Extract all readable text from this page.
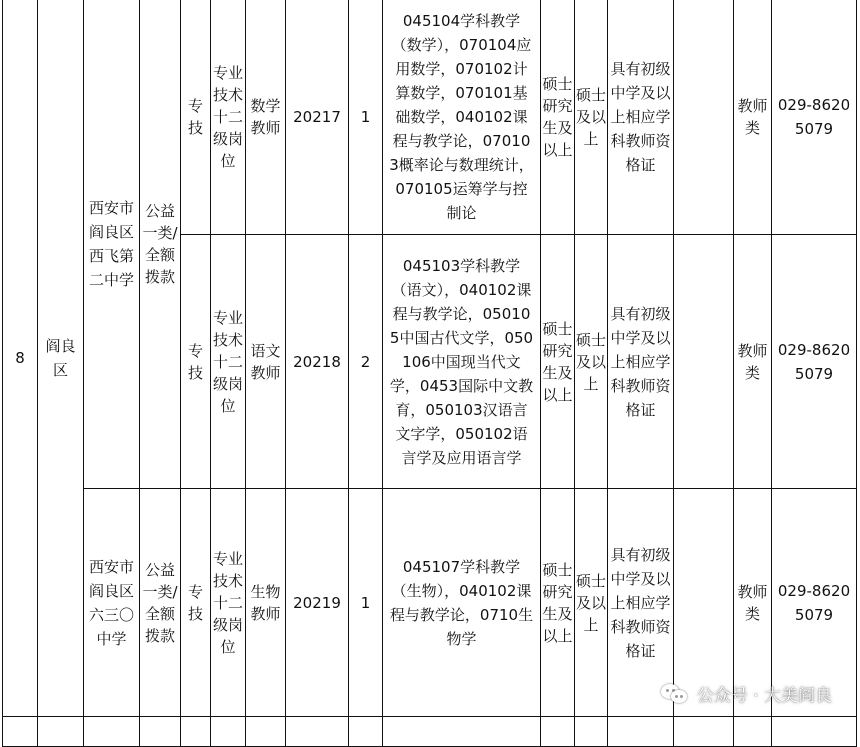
8	阎良区	西安市阎良区西飞第二中学	公益一类/全额拨款	专技	专业技术十二级岗位	数学教师	20217	1	045104学科教学（数学），070104应用数学，070102计算数学，070101基础数学，040102课程与教学论，070103概率论与数理统计，070105运筹学与控制论	硕士研究生及以上	硕士及以上	具有初级中学及以上相应学科教师资格证		教师类	029-86205079
				专技	专业技术十二级岗位	语文教师	20218	2	045103学科教学（语文），040102课程与教学论，050105中国古代文学，050106中国现当代文学，0453国际中文教育，050103汉语言文字学，050102语言学及应用语言学	硕士研究生及以上	硕士及以上	具有初级中学及以上相应学科教师资格证		教师类	029-86205079
		西安市阎良区六三〇中学	公益一类/全额拨款	专技	专业技术十二级岗位	生物教师	20219	1	045107学科教学（生物），040102课程与教学论，0710生物学	硕士研究生及以上	硕士及以上	具有初级中学及以上相应学科教师资格证		教师类	029-86205079

公众号 · 大美阎良
